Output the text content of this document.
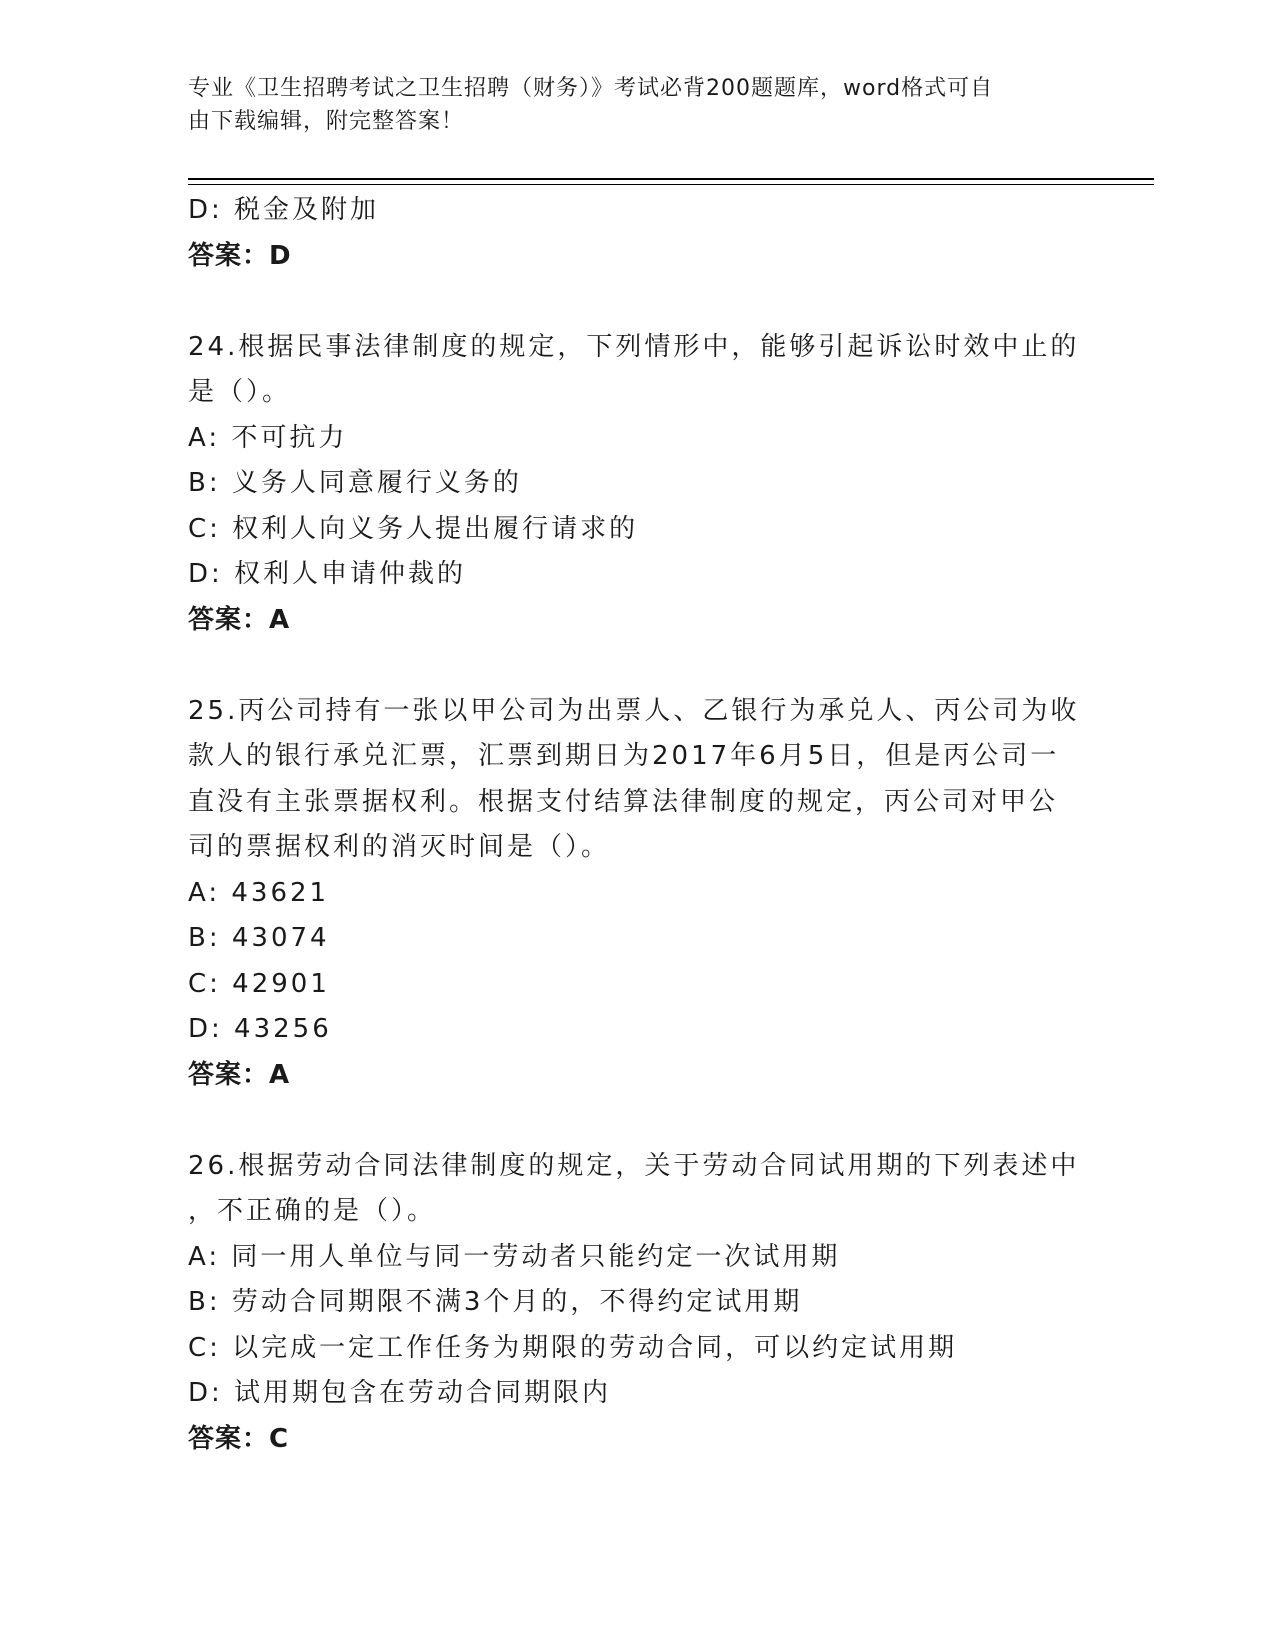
专业《卫生招聘考试之卫生招聘（财务）》考试必背200题题库，word格式可自
由下载编辑，附完整答案！
D: 税金及附加
答案：D
24.根据民事法律制度的规定，下列情形中，能够引起诉讼时效中止的
是（）。
A: 不可抗力
B: 义务人同意履行义务的
C: 权利人向义务人提出履行请求的
D: 权利人申请仲裁的
答案：A
25.丙公司持有一张以甲公司为出票人、乙银行为承兑人、丙公司为收
款人的银行承兑汇票，汇票到期日为2017年6月5日，但是丙公司一
直没有主张票据权利。根据支付结算法律制度的规定，丙公司对甲公
司的票据权利的消灭时间是（）。
A: 43621
B: 43074
C: 42901
D: 43256
答案：A
26.根据劳动合同法律制度的规定，关于劳动合同试用期的下列表述中
，不正确的是（）。
A: 同一用人单位与同一劳动者只能约定一次试用期
B: 劳动合同期限不满3个月的，不得约定试用期
C: 以完成一定工作任务为期限的劳动合同，可以约定试用期
D: 试用期包含在劳动合同期限内
答案：C
